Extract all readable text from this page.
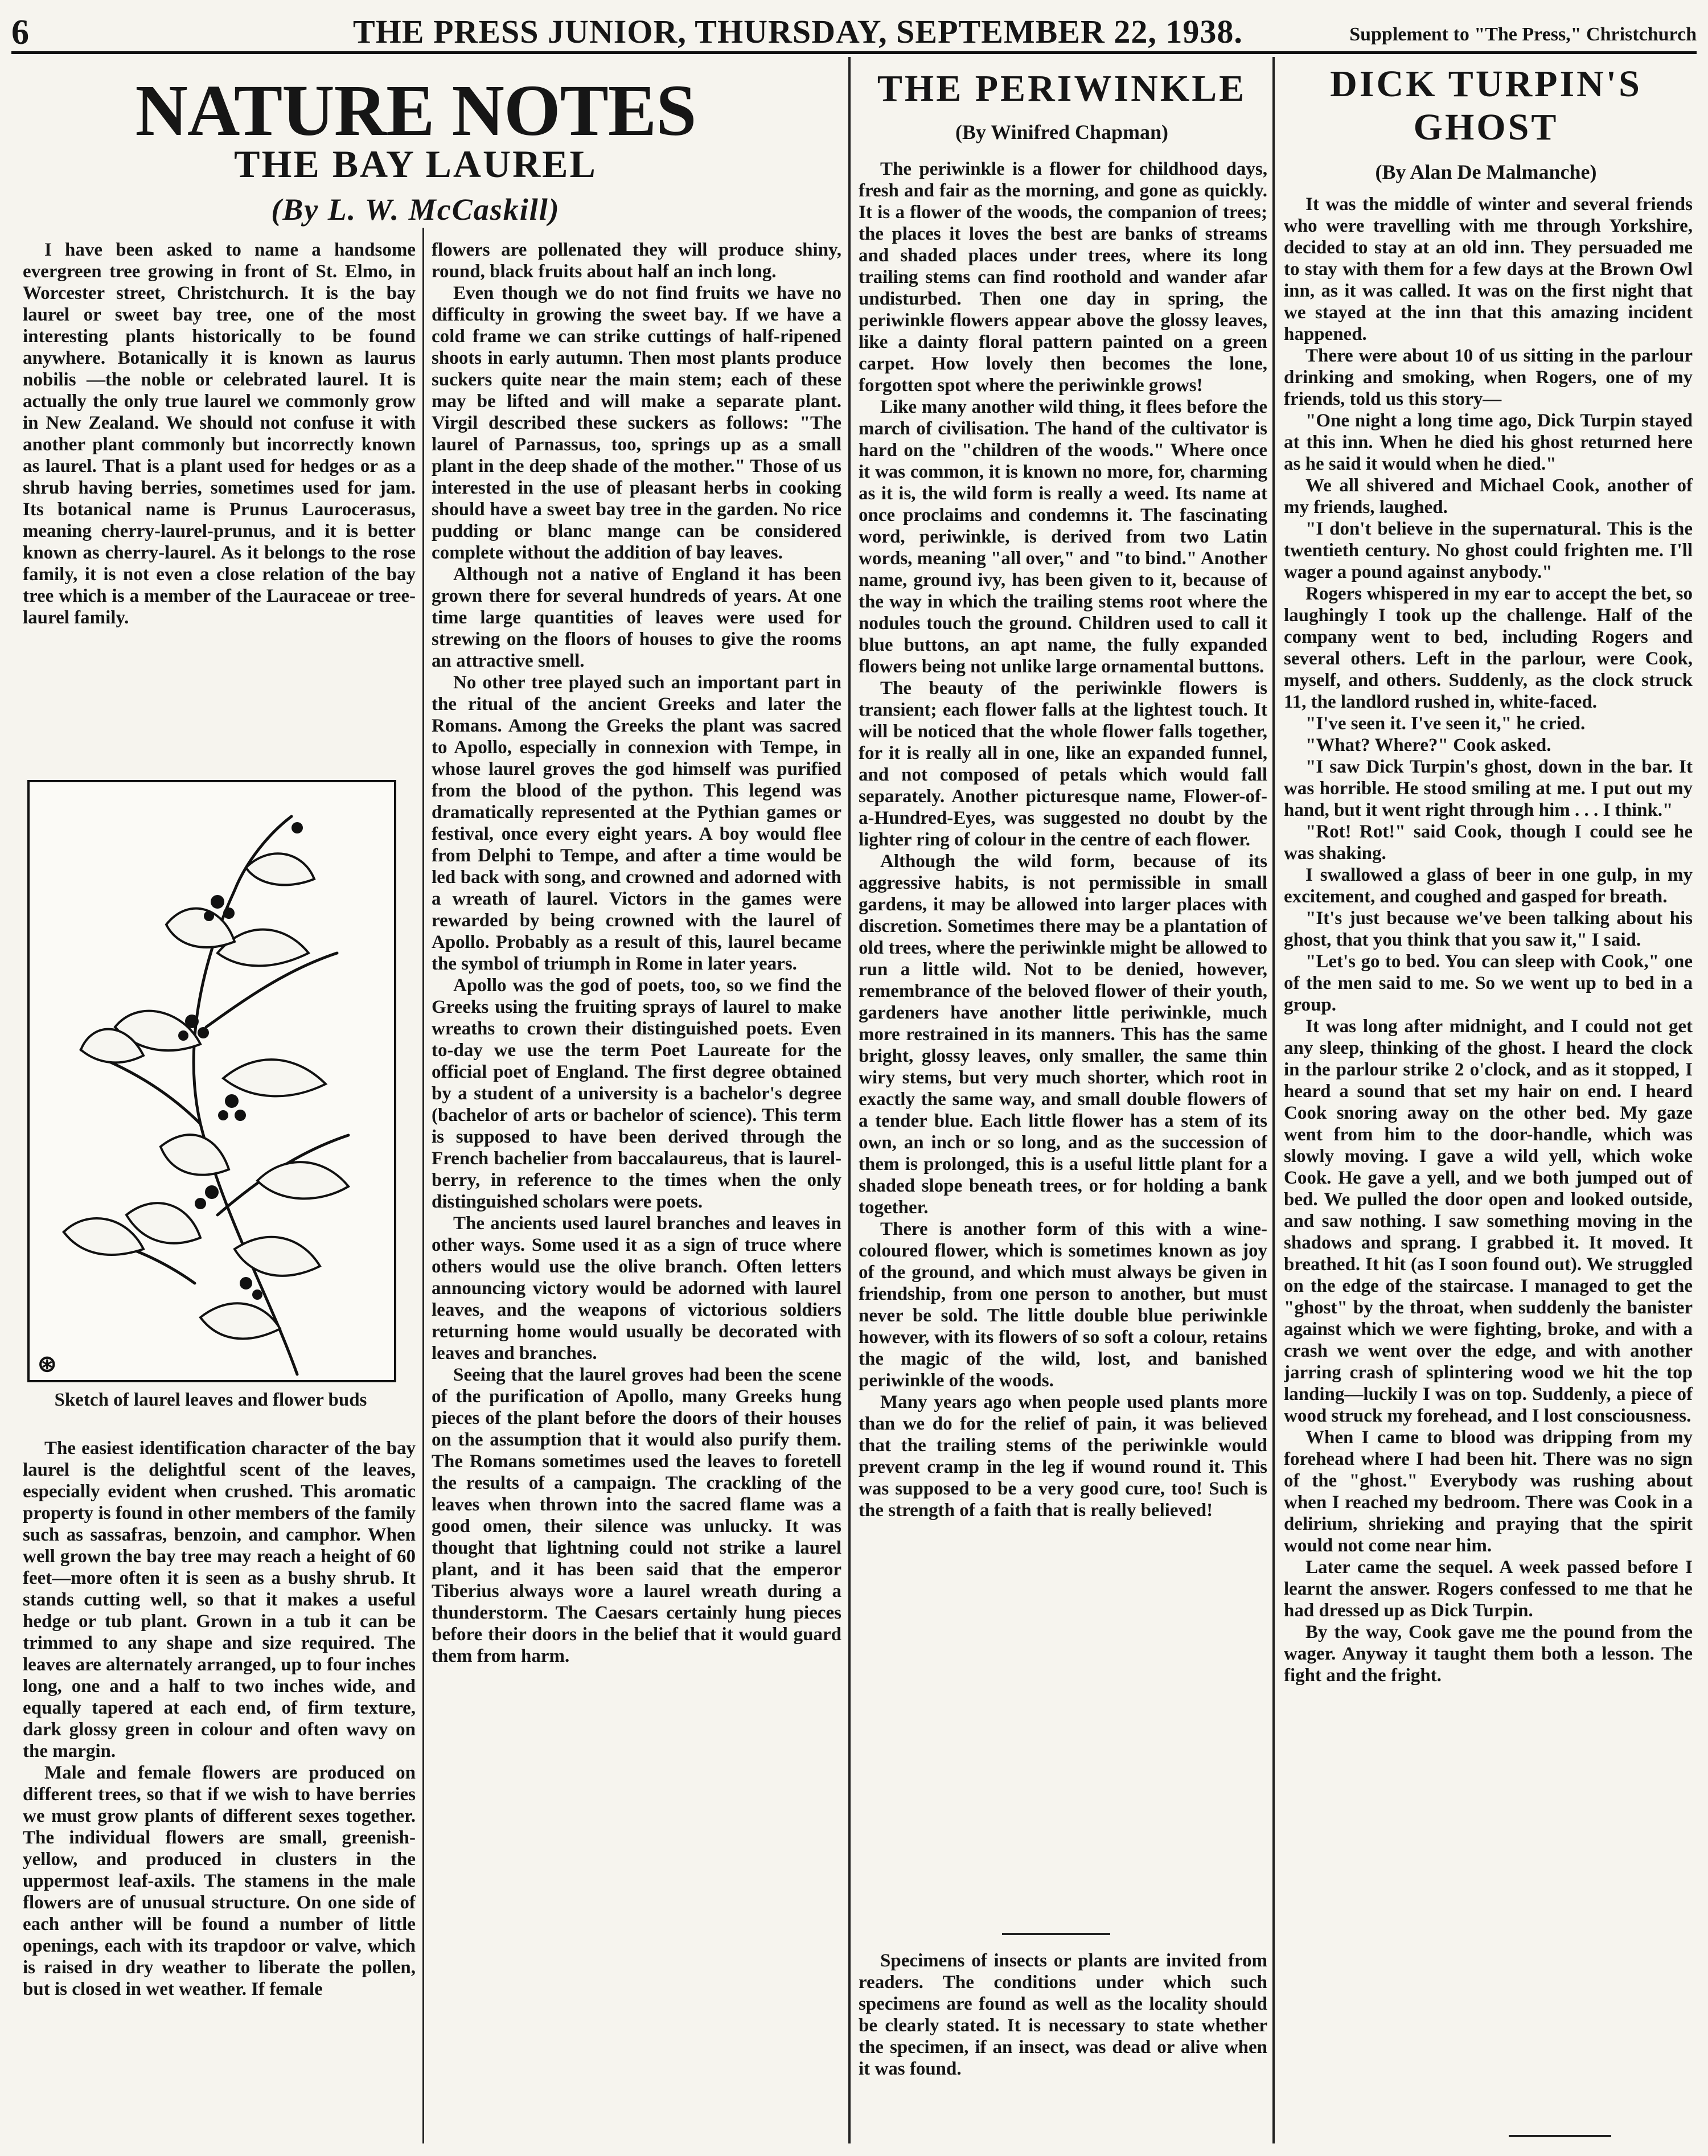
6	THE PRESS JUNIOR, THURSDAY, SEPTEMBER 22, 1938.	Supplement to "The Press," Christchurch
NATURE NOTES
THE BAY LAUREL
(By L. W. McCaskill)

I have been asked to name a handsome evergreen tree growing in front of St. Elmo, in Worcester street, Christchurch. It is the bay laurel or sweet bay tree, one of the most interesting plants historically to be found anywhere. Botanically it is known as laurus nobilis —the noble or celebrated laurel. It is actually the only true laurel we commonly grow in New Zealand. We should not confuse it with another plant commonly but incorrectly known as laurel. That is a plant used for hedges or as a shrub having berries, sometimes used for jam. Its botanical name is Prunus Laurocerasus, meaning cherry-laurel-prunus, and it is better known as cherry-laurel. As it belongs to the rose family, it is not even a close relation of the bay tree which is a member of the Lauraceae or tree-laurel family.

⊛
Sketch of laurel leaves and flower buds

The easiest identification character of the bay laurel is the delightful scent of the leaves, especially evident when crushed. This aromatic property is found in other members of the family such as sassafras, benzoin, and camphor. When well grown the bay tree may reach a height of 60 feet—more often it is seen as a bushy shrub. It stands cutting well, so that it makes a useful hedge or tub plant. Grown in a tub it can be trimmed to any shape and size required. The leaves are alternately arranged, up to four inches long, one and a half to two inches wide, and equally tapered at each end, of firm texture, dark glossy green in colour and often wavy on the margin.

Male and female flowers are produced on different trees, so that if we wish to have berries we must grow plants of different sexes together. The individual flowers are small, greenish-yellow, and produced in clusters in the uppermost leaf-axils. The stamens in the male flowers are of unusual structure. On one side of each anther will be found a number of little openings, each with its trapdoor or valve, which is raised in dry weather to liberate the pollen, but is closed in wet weather. If female

flowers are pollenated they will produce shiny, round, black fruits about half an inch long.

Even though we do not find fruits we have no difficulty in growing the sweet bay. If we have a cold frame we can strike cuttings of half-ripened shoots in early autumn. Then most plants produce suckers quite near the main stem; each of these may be lifted and will make a separate plant. Virgil described these suckers as follows: "The laurel of Parnassus, too, springs up as a small plant in the deep shade of the mother." Those of us interested in the use of pleasant herbs in cooking should have a sweet bay tree in the garden. No rice pudding or blanc mange can be considered complete without the addition of bay leaves.

Although not a native of England it has been grown there for several hundreds of years. At one time large quantities of leaves were used for strewing on the floors of houses to give the rooms an attractive smell.

No other tree played such an important part in the ritual of the ancient Greeks and later the Romans. Among the Greeks the plant was sacred to Apollo, especially in connexion with Tempe, in whose laurel groves the god himself was purified from the blood of the python. This legend was dramatically represented at the Pythian games or festival, once every eight years. A boy would flee from Delphi to Tempe, and after a time would be led back with song, and crowned and adorned with a wreath of laurel. Victors in the games were rewarded by being crowned with the laurel of Apollo. Probably as a result of this, laurel became the symbol of triumph in Rome in later years.

Apollo was the god of poets, too, so we find the Greeks using the fruiting sprays of laurel to make wreaths to crown their distinguished poets. Even to-day we use the term Poet Laureate for the official poet of England. The first degree obtained by a student of a university is a bachelor's degree (bachelor of arts or bachelor of science). This term is supposed to have been derived through the French bachelier from baccalaureus, that is laurel-berry, in reference to the times when the only distinguished scholars were poets.

The ancients used laurel branches and leaves in other ways. Some used it as a sign of truce where others would use the olive branch. Often letters announcing victory would be adorned with laurel leaves, and the weapons of victorious soldiers returning home would usually be decorated with leaves and branches.

Seeing that the laurel groves had been the scene of the purification of Apollo, many Greeks hung pieces of the plant before the doors of their houses on the assumption that it would also purify them. The Romans sometimes used the leaves to foretell the results of a campaign. The crackling of the leaves when thrown into the sacred flame was a good omen, their silence was unlucky. It was thought that lightning could not strike a laurel plant, and it has been said that the emperor Tiberius always wore a laurel wreath during a thunderstorm. The Caesars certainly hung pieces before their doors in the belief that it would guard them from harm.

THE PERIWINKLE
(By Winifred Chapman)

The periwinkle is a flower for childhood days, fresh and fair as the morning, and gone as quickly. It is a flower of the woods, the companion of trees; the places it loves the best are banks of streams and shaded places under trees, where its long trailing stems can find roothold and wander afar undisturbed. Then one day in spring, the periwinkle flowers appear above the glossy leaves, like a dainty floral pattern painted on a green carpet. How lovely then becomes the lone, forgotten spot where the periwinkle grows!

Like many another wild thing, it flees before the march of civilisation. The hand of the cultivator is hard on the "children of the woods." Where once it was common, it is known no more, for, charming as it is, the wild form is really a weed. Its name at once proclaims and condemns it. The fascinating word, periwinkle, is derived from two Latin words, meaning "all over," and "to bind." Another name, ground ivy, has been given to it, because of the way in which the trailing stems root where the nodules touch the ground. Children used to call it blue buttons, an apt name, the fully expanded flowers being not unlike large ornamental buttons.

The beauty of the periwinkle flowers is transient; each flower falls at the lightest touch. It will be noticed that the whole flower falls together, for it is really all in one, like an expanded funnel, and not composed of petals which would fall separately. Another picturesque name, Flower-of-a-Hundred-Eyes, was suggested no doubt by the lighter ring of colour in the centre of each flower.

Although the wild form, because of its aggressive habits, is not permissible in small gardens, it may be allowed into larger places with discretion. Sometimes there may be a plantation of old trees, where the periwinkle might be allowed to run a little wild. Not to be denied, however, remembrance of the beloved flower of their youth, gardeners have another little periwinkle, much more restrained in its manners. This has the same bright, glossy leaves, only smaller, the same thin wiry stems, but very much shorter, which root in exactly the same way, and small double flowers of a tender blue. Each little flower has a stem of its own, an inch or so long, and as the succession of them is prolonged, this is a useful little plant for a shaded slope beneath trees, or for holding a bank together.

There is another form of this with a wine-coloured flower, which is sometimes known as joy of the ground, and which must always be given in friendship, from one person to another, but must never be sold. The little double blue periwinkle however, with its flowers of so soft a colour, retains the magic of the wild, lost, and banished periwinkle of the woods.

Many years ago when people used plants more than we do for the relief of pain, it was believed that the trailing stems of the periwinkle would prevent cramp in the leg if wound round it. This was supposed to be a very good cure, too! Such is the strength of a faith that is really believed!

Specimens of insects or plants are invited from readers. The conditions under which such specimens are found as well as the locality should be clearly stated. It is necessary to state whether the specimen, if an insect, was dead or alive when it was found.

DICK TURPIN'S GHOST
(By Alan De Malmanche)

It was the middle of winter and several friends who were travelling with me through Yorkshire, decided to stay at an old inn. They persuaded me to stay with them for a few days at the Brown Owl inn, as it was called. It was on the first night that we stayed at the inn that this amazing incident happened.

There were about 10 of us sitting in the parlour drinking and smoking, when Rogers, one of my friends, told us this story—

"One night a long time ago, Dick Turpin stayed at this inn. When he died his ghost returned here as he said it would when he died."

We all shivered and Michael Cook, another of my friends, laughed.

"I don't believe in the supernatural. This is the twentieth century. No ghost could frighten me. I'll wager a pound against anybody."

Rogers whispered in my ear to accept the bet, so laughingly I took up the challenge. Half of the company went to bed, including Rogers and several others. Left in the parlour, were Cook, myself, and others. Suddenly, as the clock struck 11, the landlord rushed in, white-faced.

"I've seen it. I've seen it," he cried.

"What? Where?" Cook asked.

"I saw Dick Turpin's ghost, down in the bar. It was horrible. He stood smiling at me. I put out my hand, but it went right through him . . . I think."

"Rot! Rot!" said Cook, though I could see he was shaking.

I swallowed a glass of beer in one gulp, in my excitement, and coughed and gasped for breath.

"It's just because we've been talking about his ghost, that you think that you saw it," I said.

"Let's go to bed. You can sleep with Cook," one of the men said to me. So we went up to bed in a group.

It was long after midnight, and I could not get any sleep, thinking of the ghost. I heard the clock in the parlour strike 2 o'clock, and as it stopped, I heard a sound that set my hair on end. I heard Cook snoring away on the other bed. My gaze went from him to the door-handle, which was slowly moving. I gave a wild yell, which woke Cook. He gave a yell, and we both jumped out of bed. We pulled the door open and looked outside, and saw nothing. I saw something moving in the shadows and sprang. I grabbed it. It moved. It breathed. It hit (as I soon found out). We struggled on the edge of the staircase. I managed to get the "ghost" by the throat, when suddenly the banister against which we were fighting, broke, and with a crash we went over the edge, and with another jarring crash of splintering wood we hit the top landing—luckily I was on top. Suddenly, a piece of wood struck my forehead, and I lost consciousness.

When I came to blood was dripping from my forehead where I had been hit. There was no sign of the "ghost." Everybody was rushing about when I reached my bedroom. There was Cook in a delirium, shrieking and praying that the spirit would not come near him.

Later came the sequel. A week passed before I learnt the answer. Rogers confessed to me that he had dressed up as Dick Turpin.

By the way, Cook gave me the pound from the wager. Anyway it taught them both a lesson. The fight and the fright.
